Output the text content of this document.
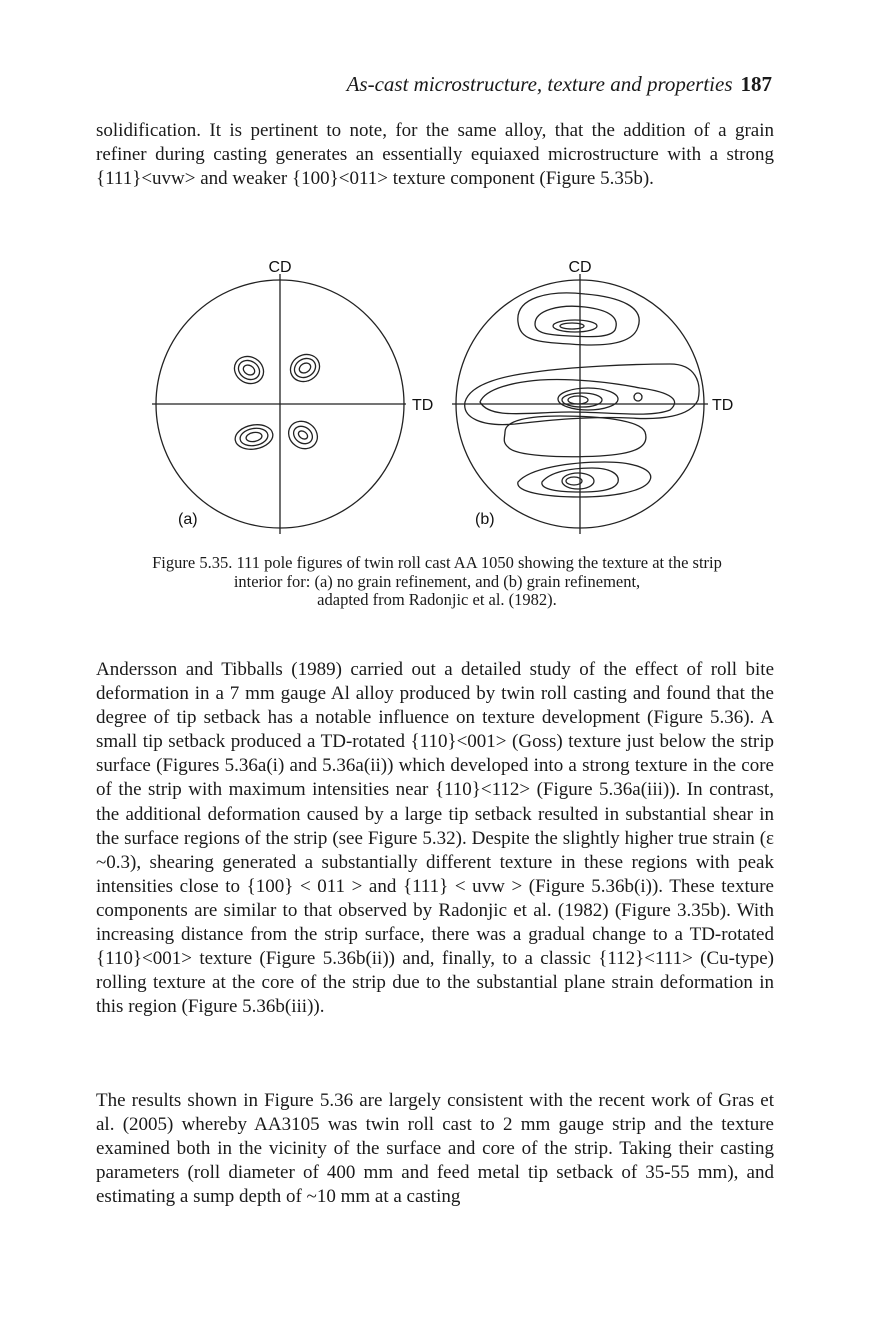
As-cast microstructure, texture and properties 187

solidification. It is pertinent to note, for the same alloy, that the addition of a grain refiner during casting generates an essentially equiaxed microstructure with a strong {111}<uvw> and weaker {100}<011> texture component (Figure 5.35b).

CD
TD
(a)
CD
TD
(b)
Figure 5.35. 111 pole figures of twin roll cast AA 1050 showing the texture at the strip
interior for: (a) no grain refinement, and (b) grain refinement,
adapted from Radonjic et al. (1982).

Andersson and Tibballs (1989) carried out a detailed study of the effect of roll bite deformation in a 7 mm gauge Al alloy produced by twin roll casting and found that the degree of tip setback has a notable influence on texture development (Figure 5.36). A small tip setback produced a TD-rotated {110}<001> (Goss) texture just below the strip surface (Figures 5.36a(i) and 5.36a(ii)) which developed into a strong texture in the core of the strip with maximum intensities near {110}<112> (Figure 5.36a(iii)). In contrast, the additional deformation caused by a large tip setback resulted in substantial shear in the surface regions of the strip (see Figure 5.32). Despite the slightly higher true strain (ε ~0.3), shearing generated a substantially different texture in these regions with peak intensities close to {100} < 011 > and {111} < uvw > (Figure 5.36b(i)). These texture components are similar to that observed by Radonjic et al. (1982) (Figure 3.35b). With increasing distance from the strip surface, there was a gradual change to a TD-rotated {110}<001> texture (Figure 5.36b(ii)) and, finally, to a classic {112}<111> (Cu-type) rolling texture at the core of the strip due to the substantial plane strain deformation in this region (Figure 5.36b(iii)).

The results shown in Figure 5.36 are largely consistent with the recent work of Gras et al. (2005) whereby AA3105 was twin roll cast to 2 mm gauge strip and the texture examined both in the vicinity of the surface and core of the strip. Taking their casting parameters (roll diameter of 400 mm and feed metal tip setback of 35-55 mm), and estimating a sump depth of ~10 mm at a casting
